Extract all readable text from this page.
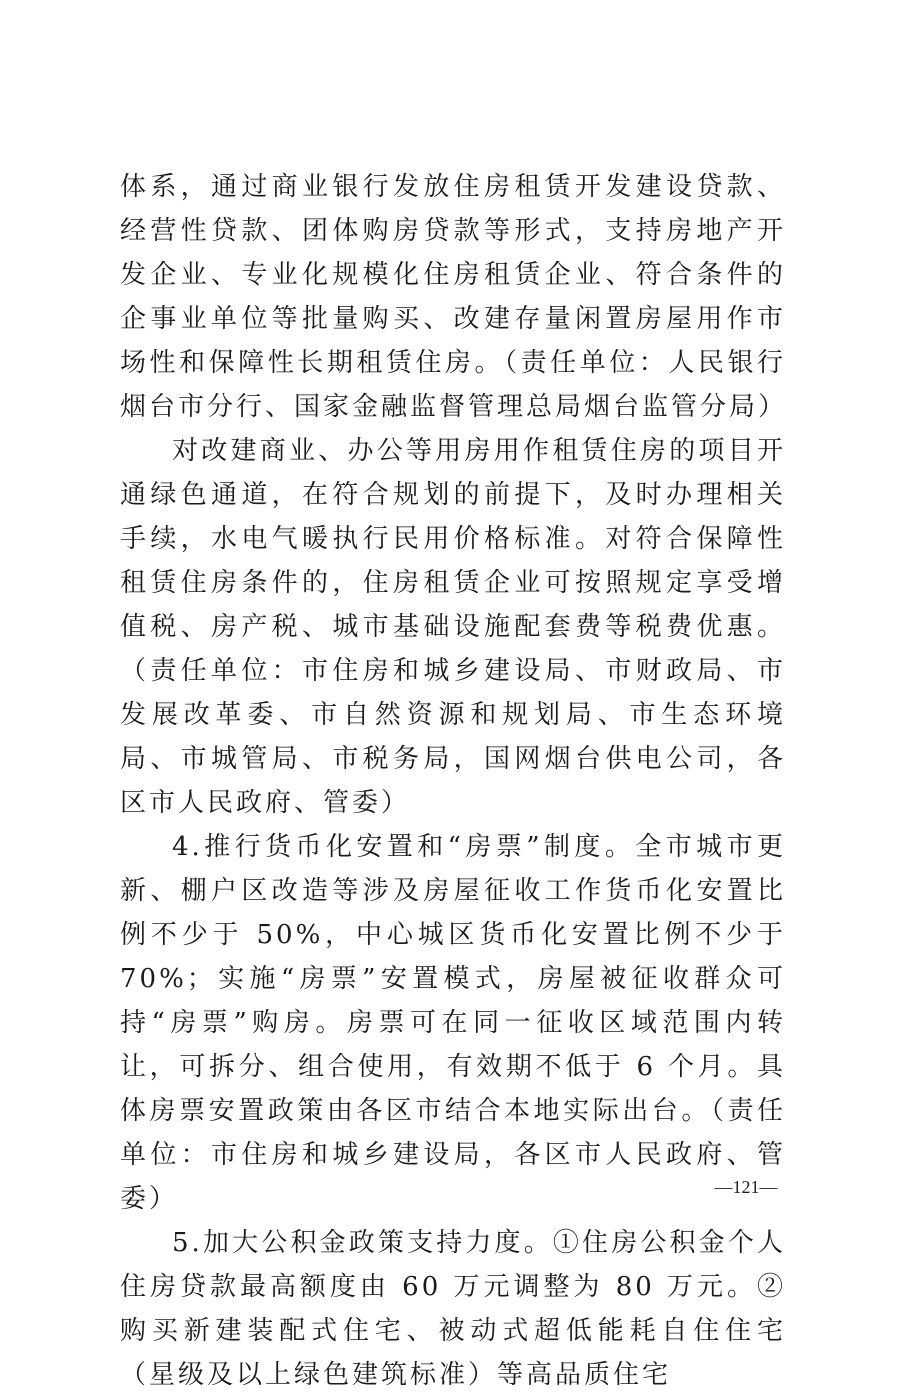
体系，通过商业银行发放住房租赁开发建设贷款、经营性贷款、团体购房贷款等形式，支持房地产开发企业、专业化规模化住房租赁企业、符合条件的企事业单位等批量购买、改建存量闲置房屋用作市场性和保障性长期租赁住房。（责任单位：人民银行烟台市分行、国家金融监督管理总局烟台监管分局）

对改建商业、办公等用房用作租赁住房的项目开通绿色通道，在符合规划的前提下，及时办理相关手续，水电气暖执行民用价格标准。对符合保障性租赁住房条件的，住房租赁企业可按照规定享受增值税、房产税、城市基础设施配套费等税费优惠。（责任单位：市住房和城乡建设局、市财政局、市发展改革委、市自然资源和规划局、市生态环境局、市城管局、市税务局，国网烟台供电公司，各区市人民政府、管委）

4.推行货币化安置和“房票”制度。全市城市更新、棚户区改造等涉及房屋征收工作货币化安置比例不少于 50%，中心城区货币化安置比例不少于 70%；实施“房票”安置模式，房屋被征收群众可持“房票”购房。房票可在同一征收区域范围内转让，可拆分、组合使用，有效期不低于 6 个月。具体房票安置政策由各区市结合本地实际出台。（责任单位：市住房和城乡建设局，各区市人民政府、管委）

5.加大公积金政策支持力度。①住房公积金个人住房贷款最高额度由 60 万元调整为 80 万元。②购买新建装配式住宅、被动式超低能耗自住住宅（星级及以上绿色建筑标准）等高品质住宅

—121—
